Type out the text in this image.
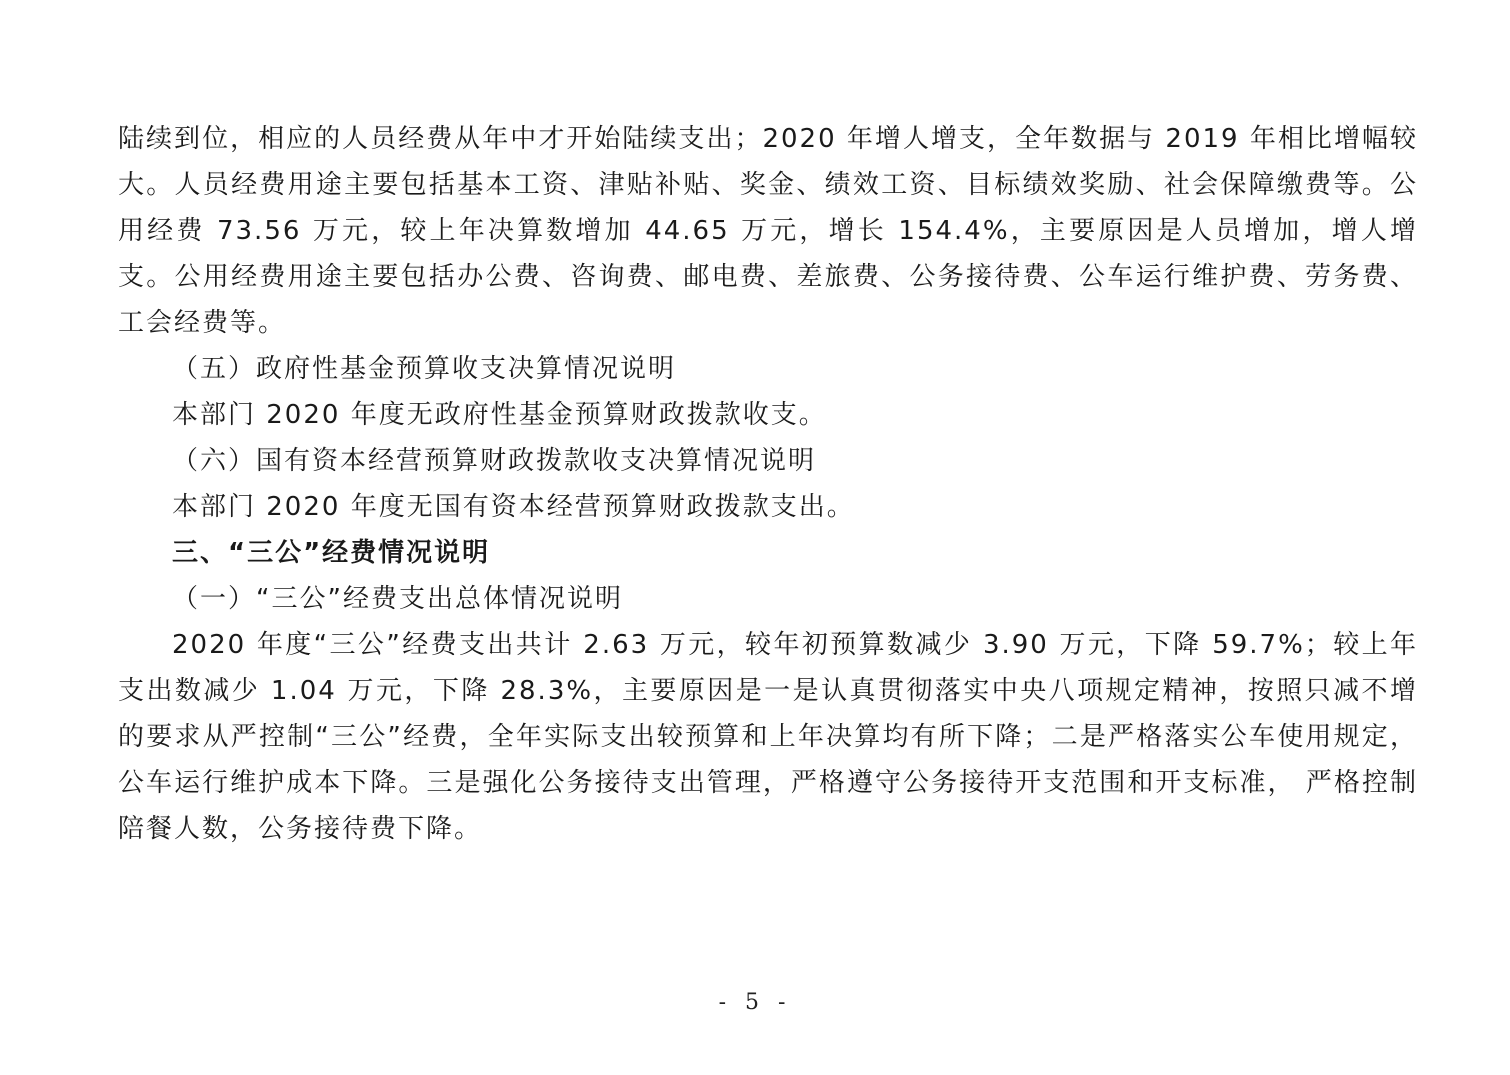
陆续到位，相应的人员经费从年中才开始陆续支出；2020 年增人增支，全年数据与 2019 年相比增幅较大。人员经费用途主要包括基本工资、津贴补贴、奖金、绩效工资、目标绩效奖励、社会保障缴费等。公用经费 73.56 万元，较上年决算数增加 44.65 万元，增长 154.4%，主要原因是人员增加，增人增支。公用经费用途主要包括办公费、咨询费、邮电费、差旅费、公务接待费、公车运行维护费、劳务费、工会经费等。

（五）政府性基金预算收支决算情况说明

本部门 2020 年度无政府性基金预算财政拨款收支。

（六）国有资本经营预算财政拨款收支决算情况说明

本部门 2020 年度无国有资本经营预算财政拨款支出。

三、“三公”经费情况说明

（一）“三公”经费支出总体情况说明

2020 年度“三公”经费支出共计 2.63 万元，较年初预算数减少 3.90 万元，下降 59.7%；较上年支出数减少 1.04 万元，下降 28.3%，主要原因是一是认真贯彻落实中央八项规定精神，按照只减不增的要求从严控制“三公”经费，全年实际支出较预算和上年决算均有所下降；二是严格落实公车使用规定，公车运行维护成本下降。三是强化公务接待支出管理，严格遵守公务接待开支范围和开支标准， 严格控制陪餐人数，公务接待费下降。

- 5 -
